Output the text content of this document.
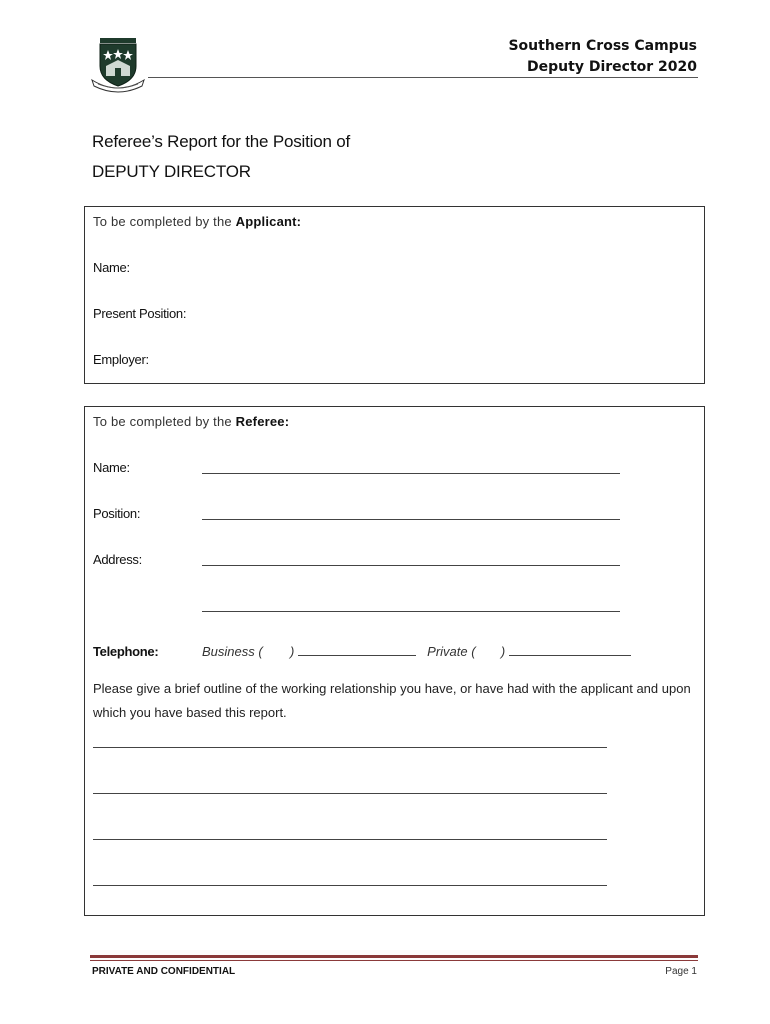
Southern Cross Campus
Deputy Director 2020
Referee’s Report for the Position of
DEPUTY DIRECTOR
To be completed by the Applicant:
Name:
Present Position:
Employer:
To be completed by the Referee:
Name:
Position:
Address:
Telephone:	Business ( )	Private ( )
Please give a brief outline of the working relationship you have, or have had with the applicant and upon which you have based this report.
PRIVATE AND CONFIDENTIAL	Page 1
